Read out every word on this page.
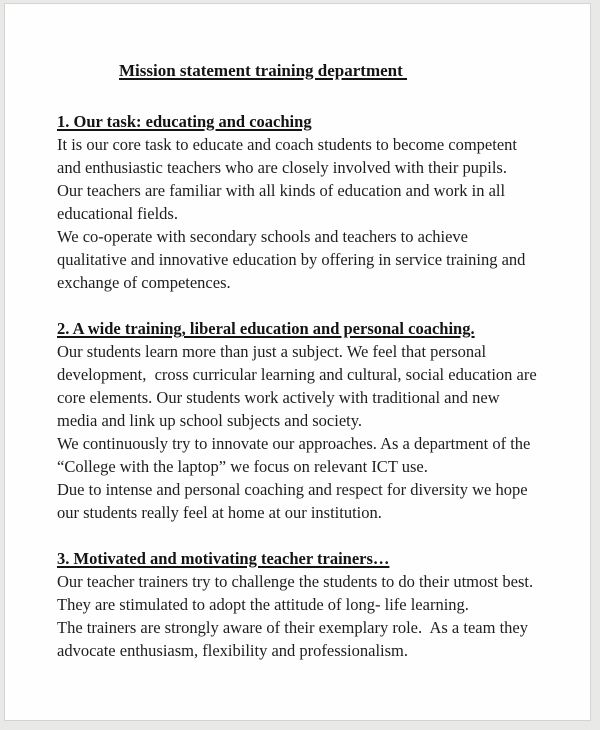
Mission statement training department
1. Our task: educating and coaching
It is our core task to educate and coach students to become competent
and enthusiastic teachers who are closely involved with their pupils.
Our teachers are familiar with all kinds of education and work in all
educational fields.
We co-operate with secondary schools and teachers to achieve
qualitative and innovative education by offering in service training and
exchange of competences.
2. A wide training, liberal education and personal coaching.
Our students learn more than just a subject. We feel that personal
development,  cross curricular learning and cultural, social education are
core elements. Our students work actively with traditional and new
media and link up school subjects and society.
We continuously try to innovate our approaches. As a department of the
“College with the laptop” we focus on relevant ICT use.
Due to intense and personal coaching and respect for diversity we hope
our students really feel at home at our institution.
3. Motivated and motivating teacher trainers…
Our teacher trainers try to challenge the students to do their utmost best.
They are stimulated to adopt the attitude of long- life learning.
The trainers are strongly aware of their exemplary role.  As a team they
advocate enthusiasm, flexibility and professionalism.
